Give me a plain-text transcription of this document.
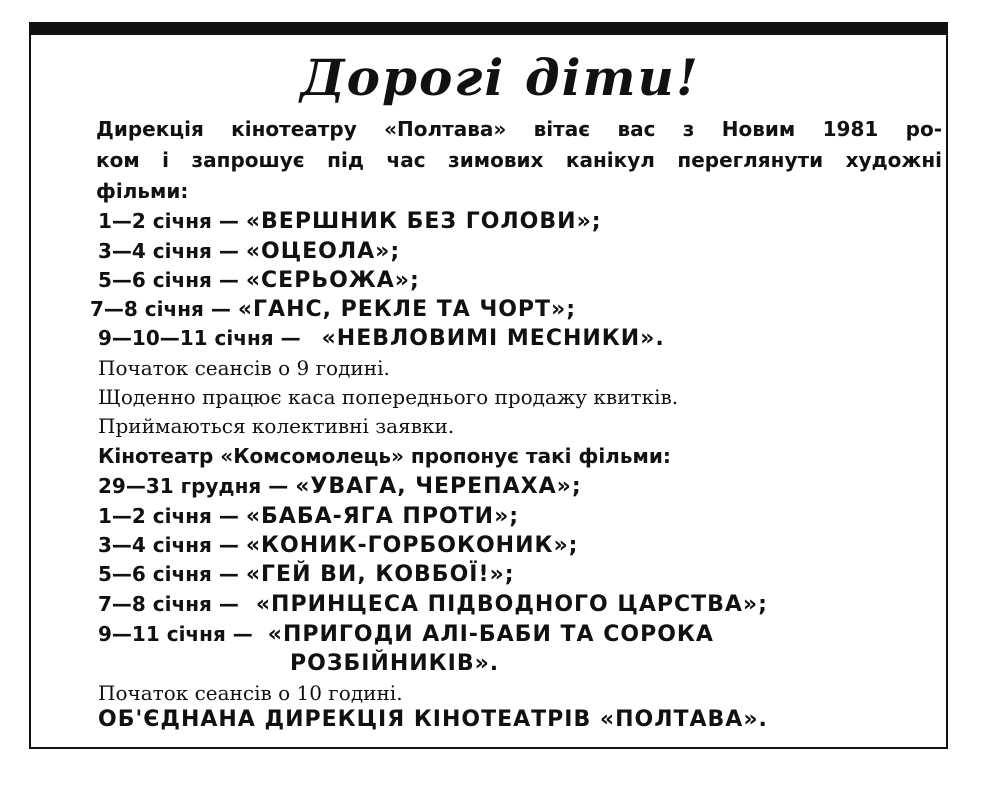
Дорогі діти!
Дирекція кінотеатру «Полтава» вітає вас з Новим 1981 ро-
ком і запрошує під час зимових канікул переглянути художні
фільми:
1—2 січня — «ВЕРШНИК БЕЗ ГОЛОВИ»;
3—4 січня — «ОЦЕОЛА»;
5—6 січня — «СЕРЬОЖА»;
7—8 січня — «ГАНС, РЕКЛЕ ТА ЧОРТ»;
9—10—11 січня — «НЕВЛОВИМІ МЕСНИКИ».
Початок сеансів о 9 годині.
Щоденно працює каса попереднього продажу квитків.
Приймаються колективні заявки.
Кінотеатр «Комсомолець» пропонує такі фільми:
29—31 грудня — «УВАГА, ЧЕРЕПАХА»;
1—2 січня — «БАБА-ЯГА ПРОТИ»;
3—4 січня — «КОНИК-ГОРБОКОНИК»;
5—6 січня — «ГЕЙ ВИ, КОВБОЇ!»;
7—8 січня — «ПРИНЦЕСА ПІДВОДНОГО ЦАРСТВА»;
9—11 січня — «ПРИГОДИ АЛІ-БАБИ ТА СОРОКА
РОЗБІЙНИКІВ».
Початок сеансів о 10 годині.
ОБ'ЄДНАНА ДИРЕКЦІЯ КІНОТЕАТРІВ «ПОЛТАВА».
